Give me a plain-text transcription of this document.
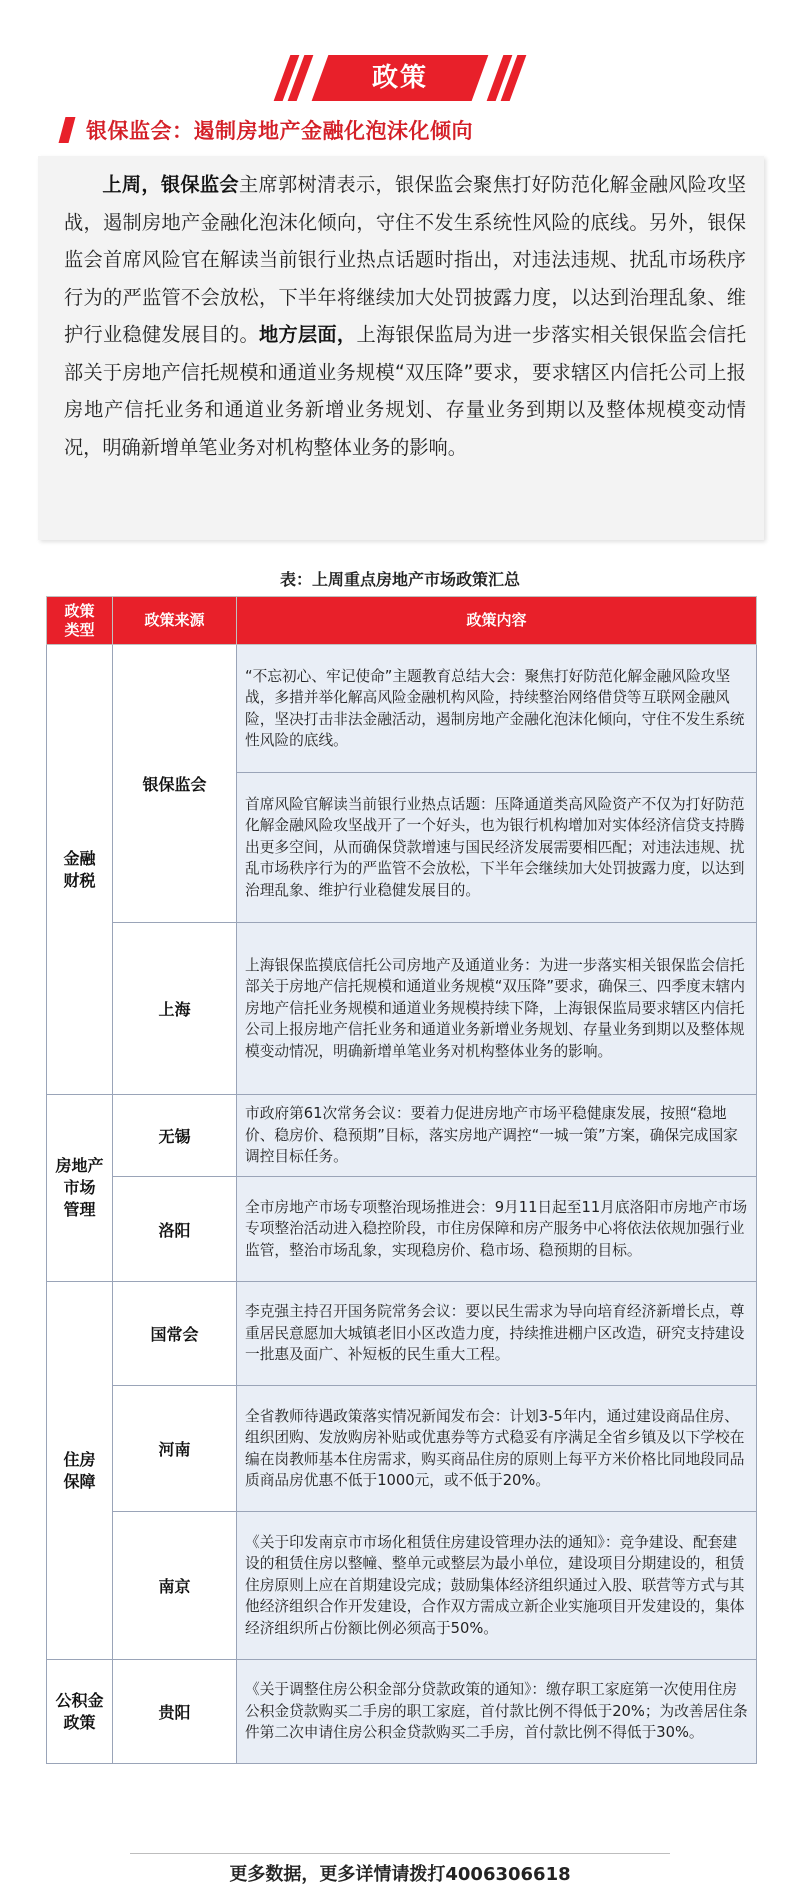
政策
银保监会：遏制房地产金融化泡沫化倾向

上周，银保监会主席郭树清表示，银保监会聚焦打好防范化解金融风险攻坚战，遏制房地产金融化泡沫化倾向，守住不发生系统性风险的底线。另外，银保监会首席风险官在解读当前银行业热点话题时指出，对违法违规、扰乱市场秩序行为的严监管不会放松，下半年将继续加大处罚披露力度，以达到治理乱象、维护行业稳健发展目的。地方层面，上海银保监局为进一步落实相关银保监会信托部关于房地产信托规模和通道业务规模“双压降”要求，要求辖区内信托公司上报房地产信托业务和通道业务新增业务规划、存量业务到期以及整体规模变动情况，明确新增单笔业务对机构整体业务的影响。

表：上周重点房地产市场政策汇总
政策
类型	政策来源	政策内容
金融
财税	银保监会	“不忘初心、牢记使命”主题教育总结大会：聚焦打好防范化解金融风险攻坚战，多措并举化解高风险金融机构风险，持续整治网络借贷等互联网金融风险，坚决打击非法金融活动，遏制房地产金融化泡沫化倾向，守住不发生系统性风险的底线。
		首席风险官解读当前银行业热点话题：压降通道类高风险资产不仅为打好防范化解金融风险攻坚战开了一个好头，也为银行机构增加对实体经济信贷支持腾出更多空间，从而确保贷款增速与国民经济发展需要相匹配；对违法违规、扰乱市场秩序行为的严监管不会放松，下半年会继续加大处罚披露力度，以达到治理乱象、维护行业稳健发展目的。
	上海	上海银保监摸底信托公司房地产及通道业务：为进一步落实相关银保监会信托部关于房地产信托规模和通道业务规模“双压降”要求，确保三、四季度末辖内房地产信托业务规模和通道业务规模持续下降，上海银保监局要求辖区内信托公司上报房地产信托业务和通道业务新增业务规划、存量业务到期以及整体规模变动情况，明确新增单笔业务对机构整体业务的影响。
房地产
市场
管理	无锡	市政府第61次常务会议：要着力促进房地产市场平稳健康发展，按照“稳地价、稳房价、稳预期”目标，落实房地产调控“一城一策”方案，确保完成国家调控目标任务。
	洛阳	全市房地产市场专项整治现场推进会：9月11日起至11月底洛阳市房地产市场专项整治活动进入稳控阶段，市住房保障和房产服务中心将依法依规加强行业监管，整治市场乱象，实现稳房价、稳市场、稳预期的目标。
住房
保障	国常会	李克强主持召开国务院常务会议：要以民生需求为导向培育经济新增长点，尊重居民意愿加大城镇老旧小区改造力度，持续推进棚户区改造，研究支持建设一批惠及面广、补短板的民生重大工程。
	河南	全省教师待遇政策落实情况新闻发布会：计划3-5年内，通过建设商品住房、组织团购、发放购房补贴或优惠券等方式稳妥有序满足全省乡镇及以下学校在编在岗教师基本住房需求，购买商品住房的原则上每平方米价格比同地段同品质商品房优惠不低于1000元，或不低于20%。
	南京	《关于印发南京市市场化租赁住房建设管理办法的通知》：竞争建设、配套建设的租赁住房以整幢、整单元或整层为最小单位，建设项目分期建设的，租赁住房原则上应在首期建设完成；鼓励集体经济组织通过入股、联营等方式与其他经济组织合作开发建设，合作双方需成立新企业实施项目开发建设的，集体经济组织所占份额比例必须高于50%。
公积金
政策	贵阳	《关于调整住房公积金部分贷款政策的通知》：缴存职工家庭第一次使用住房公积金贷款购买二手房的职工家庭，首付款比例不得低于20%；为改善居住条件第二次申请住房公积金贷款购买二手房，首付款比例不得低于30%。
更多数据，更多详情请拨打4006306618
